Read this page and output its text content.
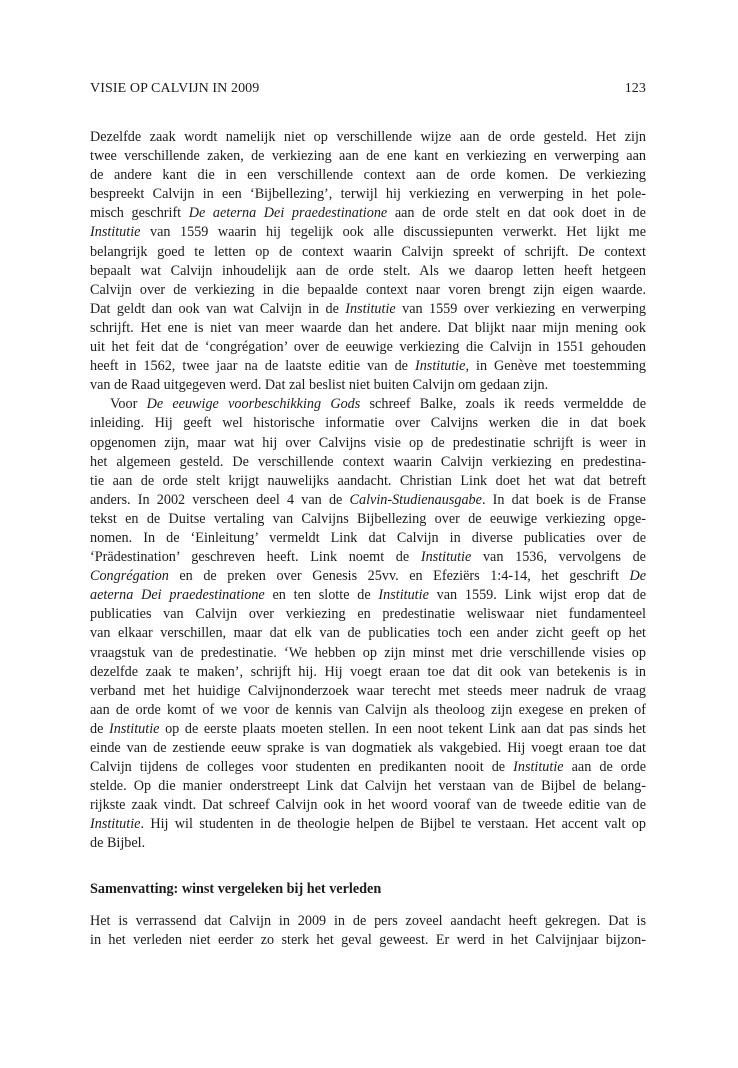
VISIE OP CALVIJN IN 2009	123

Dezelfde zaak wordt namelijk niet op verschillende wijze aan de orde gesteld. Het zijn
twee verschillende zaken, de verkiezing aan de ene kant en verkiezing en verwerping aan
de andere kant die in een verschillende context aan de orde komen. De verkiezing
bespreekt Calvijn in een ‘Bijbellezing’, terwijl hij verkiezing en verwerping in het pole-
misch geschrift De aeterna Dei praedestinatione aan de orde stelt en dat ook doet in de
Institutie van 1559 waarin hij tegelijk ook alle discussiepunten verwerkt. Het lijkt me
belangrijk goed te letten op de context waarin Calvijn spreekt of schrijft. De context
bepaalt wat Calvijn inhoudelijk aan de orde stelt. Als we daarop letten heeft hetgeen
Calvijn over de verkiezing in die bepaalde context naar voren brengt zijn eigen waarde.
Dat geldt dan ook van wat Calvijn in de Institutie van 1559 over verkiezing en verwerping
schrijft. Het ene is niet van meer waarde dan het andere. Dat blijkt naar mijn mening ook
uit het feit dat de ‘congrégation’ over de eeuwige verkiezing die Calvijn in 1551 gehouden
heeft in 1562, twee jaar na de laatste editie van de Institutie, in Genève met toestemming
van de Raad uitgegeven werd. Dat zal beslist niet buiten Calvijn om gedaan zijn.

Voor De eeuwige voorbeschikking Gods schreef Balke, zoals ik reeds vermeldde de
inleiding. Hij geeft wel historische informatie over Calvijns werken die in dat boek
opgenomen zijn, maar wat hij over Calvijns visie op de predestinatie schrijft is weer in
het algemeen gesteld. De verschillende context waarin Calvijn verkiezing en predestina-
tie aan de orde stelt krijgt nauwelijks aandacht. Christian Link doet het wat dat betreft
anders. In 2002 verscheen deel 4 van de Calvin-Studienausgabe. In dat boek is de Franse
tekst en de Duitse vertaling van Calvijns Bijbellezing over de eeuwige verkiezing opge-
nomen. In de ‘Einleitung’ vermeldt Link dat Calvijn in diverse publicaties over de
‘Prädestination’ geschreven heeft. Link noemt de Institutie van 1536, vervolgens de
Congrégation en de preken over Genesis 25vv. en Efeziërs 1:4-14, het geschrift De
aeterna Dei praedestinatione en ten slotte de Institutie van 1559. Link wijst erop dat de
publicaties van Calvijn over verkiezing en predestinatie weliswaar niet fundamenteel
van elkaar verschillen, maar dat elk van de publicaties toch een ander zicht geeft op het
vraagstuk van de predestinatie. ‘We hebben op zijn minst met drie verschillende visies op
dezelfde zaak te maken’, schrijft hij. Hij voegt eraan toe dat dit ook van betekenis is in
verband met het huidige Calvijnonderzoek waar terecht met steeds meer nadruk de vraag
aan de orde komt of we voor de kennis van Calvijn als theoloog zijn exegese en preken of
de Institutie op de eerste plaats moeten stellen. In een noot tekent Link aan dat pas sinds het
einde van de zestiende eeuw sprake is van dogmatiek als vakgebied. Hij voegt eraan toe dat
Calvijn tijdens de colleges voor studenten en predikanten nooit de Institutie aan de orde
stelde. Op die manier onderstreept Link dat Calvijn het verstaan van de Bijbel de belang-
rijkste zaak vindt. Dat schreef Calvijn ook in het woord vooraf van de tweede editie van de
Institutie. Hij wil studenten in de theologie helpen de Bijbel te verstaan. Het accent valt op
de Bijbel.

Samenvatting: winst vergeleken bij het verleden

Het is verrassend dat Calvijn in 2009 in de pers zoveel aandacht heeft gekregen. Dat is
in het verleden niet eerder zo sterk het geval geweest. Er werd in het Calvijnjaar bijzon-
